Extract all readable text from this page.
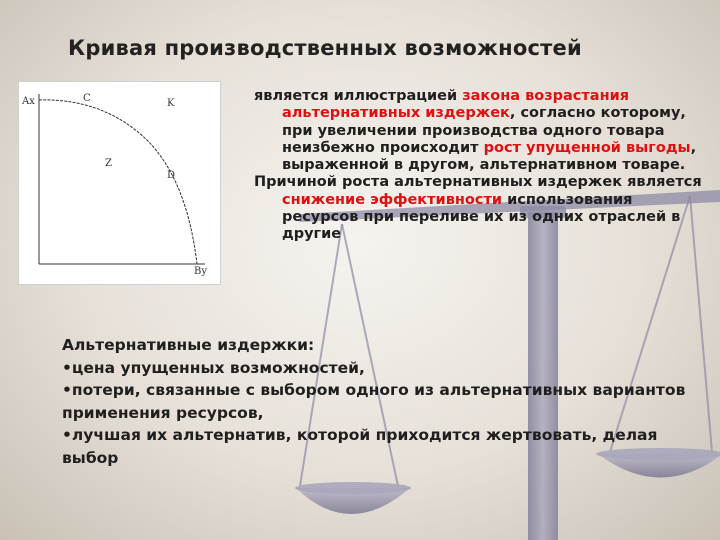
Кривая производственных возможностей
Ax	C	K
Z
D
By
является иллюстрацией закона возрастания альтернативных издержек, согласно которому, при увеличении производства одного товара неизбежно происходит рост упущенной выгоды, выраженной в другом, альтернативном товаре.
Причиной роста альтернативных издержек является снижение эффективности использования ресурсов при переливе их из одних отраслей в другие
Альтернативные издержки:
•цена упущенных возможностей,
•потери, связанные с выбором одного из альтернативных вариантов применения ресурсов,
•лучшая их альтернатив, которой приходится жертвовать, делая выбор
